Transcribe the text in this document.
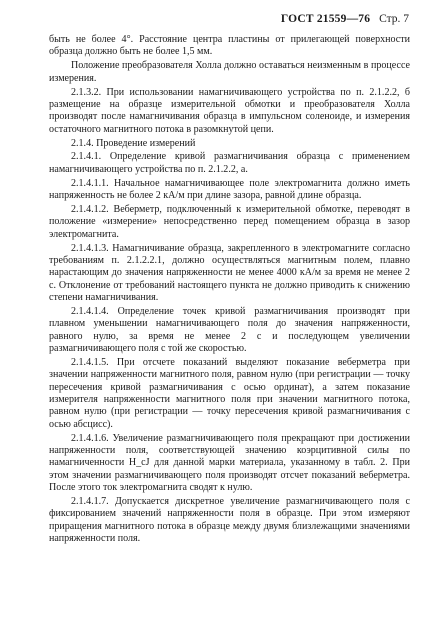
ГОСТ 21559—76 Стр. 7

быть не более 4°. Расстояние центра пластины от прилегающей поверхности образца должно быть не более 1,5 мм.

Положение преобразователя Холла должно оставаться неизменным в процессе измерения.

2.1.3.2. При использовании намагничивающего устройства по п. 2.1.2.2, б размещение на образце измерительной обмотки и преобразователя Холла производят после намагничивания образца в импульсном соленоиде, и измерения остаточного магнитного потока в разомкнутой цепи.

2.1.4. Проведение измерений

2.1.4.1. Определение кривой размагничивания образца с применением намагничивающего устройства по п. 2.1.2.2, а.

2.1.4.1.1. Начальное намагничивающее поле электромагнита должно иметь напряженность не более 2 кА/м при длине зазора, равной длине образца.

2.1.4.1.2. Веберметр, подключенный к измерительной обмотке, переводят в положение «измерение» непосредственно перед помещением образца в зазор электромагнита.

2.1.4.1.3. Намагничивание образца, закрепленного в электромагните согласно требованиям п. 2.1.2.2.1, должно осуществляться магнитным полем, плавно нарастающим до значения напряженности не менее 4000 кА/м за время не менее 2 с. Отклонение от требований настоящего пункта не должно приводить к снижению степени намагничивания.

2.1.4.1.4. Определение точек кривой размагничивания производят при плавном уменьшении намагничивающего поля до значения напряженности, равного нулю, за время не менее 2 с и последующем увеличении размагничивающего поля с той же скоростью.

2.1.4.1.5. При отсчете показаний выделяют показание веберметра при значении напряженности магнитного поля, равном нулю (при регистрации — точку пересечения кривой размагничивания с осью ординат), а затем показание измерителя напряженности магнитного поля при значении магнитного потока, равном нулю (при регистрации — точку пересечения кривой размагничивания с осью абсцисс).

2.1.4.1.6. Увеличение размагничивающего поля прекращают при достижении напряженности поля, соответствующей значению коэрцитивной силы по намагниченности H_cJ для данной марки материала, указанному в табл. 2. При этом значении размагничивающего поля производят отсчет показаний веберметра. После этого ток электромагнита сводят к нулю.

2.1.4.1.7. Допускается дискретное увеличение размагничивающего поля с фиксированием значений напряженности поля в образце. При этом измеряют приращения магнитного потока в образце между двумя близлежащими значениями напряженности поля.
